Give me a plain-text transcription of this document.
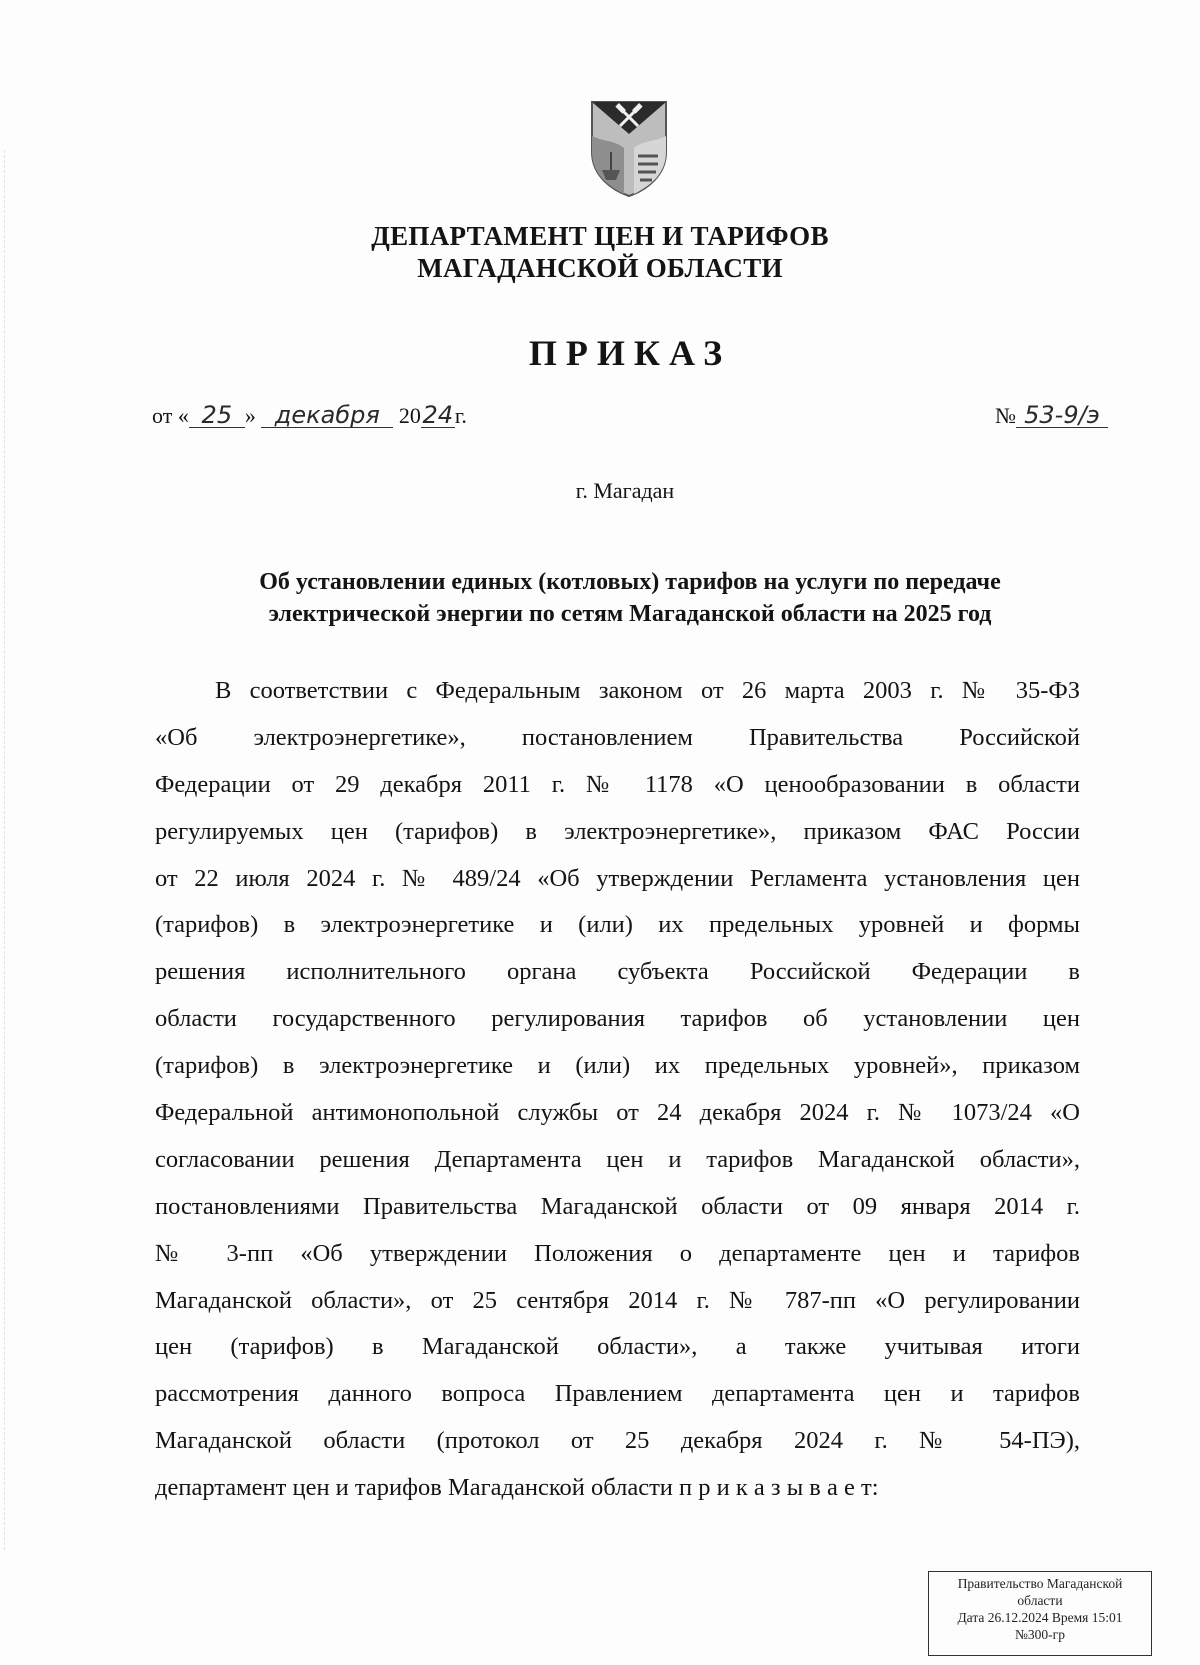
ДЕПАРТАМЕНТ ЦЕН И ТАРИФОВ
МАГАДАНСКОЙ ОБЛАСТИ
ПРИКАЗ
от « 25 » декабря 2024г.	№ 53-9/э
г. Магадан
Об установлении единых (котловых) тарифов на услуги по передаче
электрической энергии по сетям Магаданской области на 2025 год
В соответствии с Федеральным законом от 26 марта 2003 г. № 35-ФЗ
«Об электроэнергетике», постановлением Правительства Российской
Федерации от 29 декабря 2011 г. № 1178 «О ценообразовании в области
регулируемых цен (тарифов) в электроэнергетике», приказом ФАС России
от 22 июля 2024 г. № 489/24 «Об утверждении Регламента установления цен
(тарифов) в электроэнергетике и (или) их предельных уровней и формы
решения исполнительного органа субъекта Российской Федерации в
области государственного регулирования тарифов об установлении цен
(тарифов) в электроэнергетике и (или) их предельных уровней», приказом
Федеральной антимонопольной службы от 24 декабря 2024 г. № 1073/24 «О
согласовании решения Департамента цен и тарифов Магаданской области»,
постановлениями Правительства Магаданской области от 09 января 2014 г.
№ 3-пп «Об утверждении Положения о департаменте цен и тарифов
Магаданской области», от 25 сентября 2014 г. № 787-пп «О регулировании
цен (тарифов) в Магаданской области», а также учитывая итоги
рассмотрения данного вопроса Правлением департамента цен и тарифов
Магаданской области (протокол от 25 декабря 2024 г. № 54-ПЭ),
департамент цен и тарифов Магаданской области п р и к а з ы в а е т:
Правительство Магаданской
области
Дата 26.12.2024 Время 15:01
№300-гр
